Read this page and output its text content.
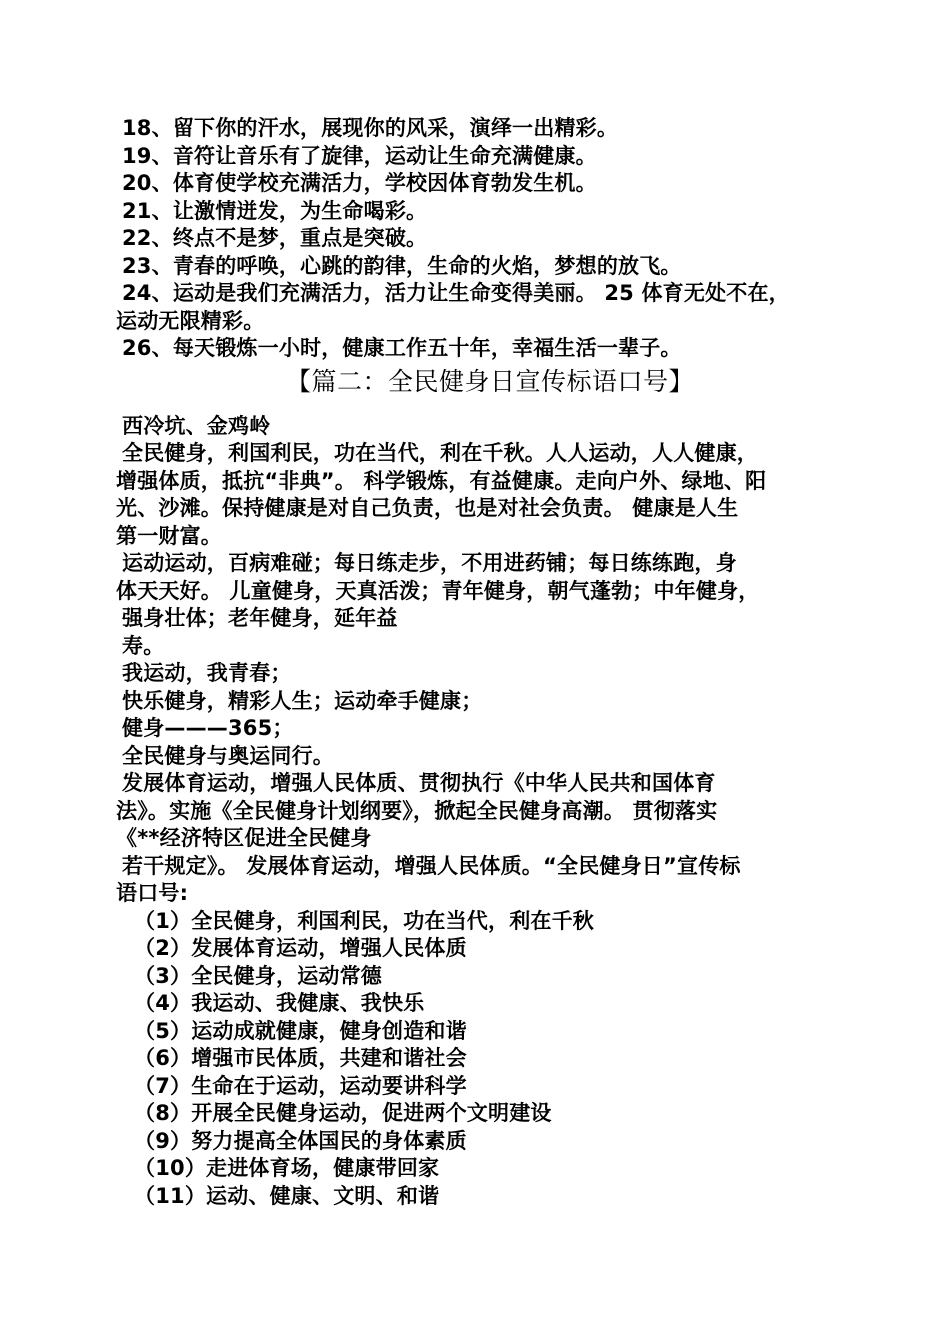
18、留下你的汗水，展现你的风采，演绎一出精彩。
19、音符让音乐有了旋律，运动让生命充满健康。
20、体育使学校充满活力，学校因体育勃发生机。
21、让激情迸发，为生命喝彩。
22、终点不是梦，重点是突破。
23、青春的呼唤，心跳的韵律，生命的火焰，梦想的放飞。
24、运动是我们充满活力，活力让生命变得美丽。 25 体育无处不在，
运动无限精彩。
26、每天锻炼一小时，健康工作五十年，幸福生活一辈子。
【篇二：全民健身日宣传标语口号】
西冷坑、金鸡岭
全民健身，利国利民，功在当代，利在千秋。人人运动，人人健康，
增强体质，抵抗“非典”。 科学锻炼，有益健康。走向户外、绿地、阳
光、沙滩。保持健康是对自己负责，也是对社会负责。 健康是人生
第一财富。
运动运动，百病难碰；每日练走步，不用进药铺；每日练练跑，身
体天天好。 儿童健身，天真活泼；青年健身，朝气蓬勃；中年健身，
强身壮体；老年健身，延年益
寿。
我运动，我青春；
快乐健身，精彩人生；运动牵手健康；
健身———365；
全民健身与奥运同行。
发展体育运动，增强人民体质、贯彻执行《中华人民共和国体育
法》。实施《全民健身计划纲要》，掀起全民健身高潮。 贯彻落实
《**经济特区促进全民健身
若干规定》。 发展体育运动，增强人民体质。“全民健身日”宣传标
语口号:
（1）全民健身，利国利民，功在当代，利在千秋
（2）发展体育运动，增强人民体质
（3）全民健身，运动常德
（4）我运动、我健康、我快乐
（5）运动成就健康，健身创造和谐
（6）增强市民体质，共建和谐社会
（7）生命在于运动，运动要讲科学
（8）开展全民健身运动，促进两个文明建设
（9）努力提高全体国民的身体素质
（10）走进体育场，健康带回家
（11）运动、健康、文明、和谐
